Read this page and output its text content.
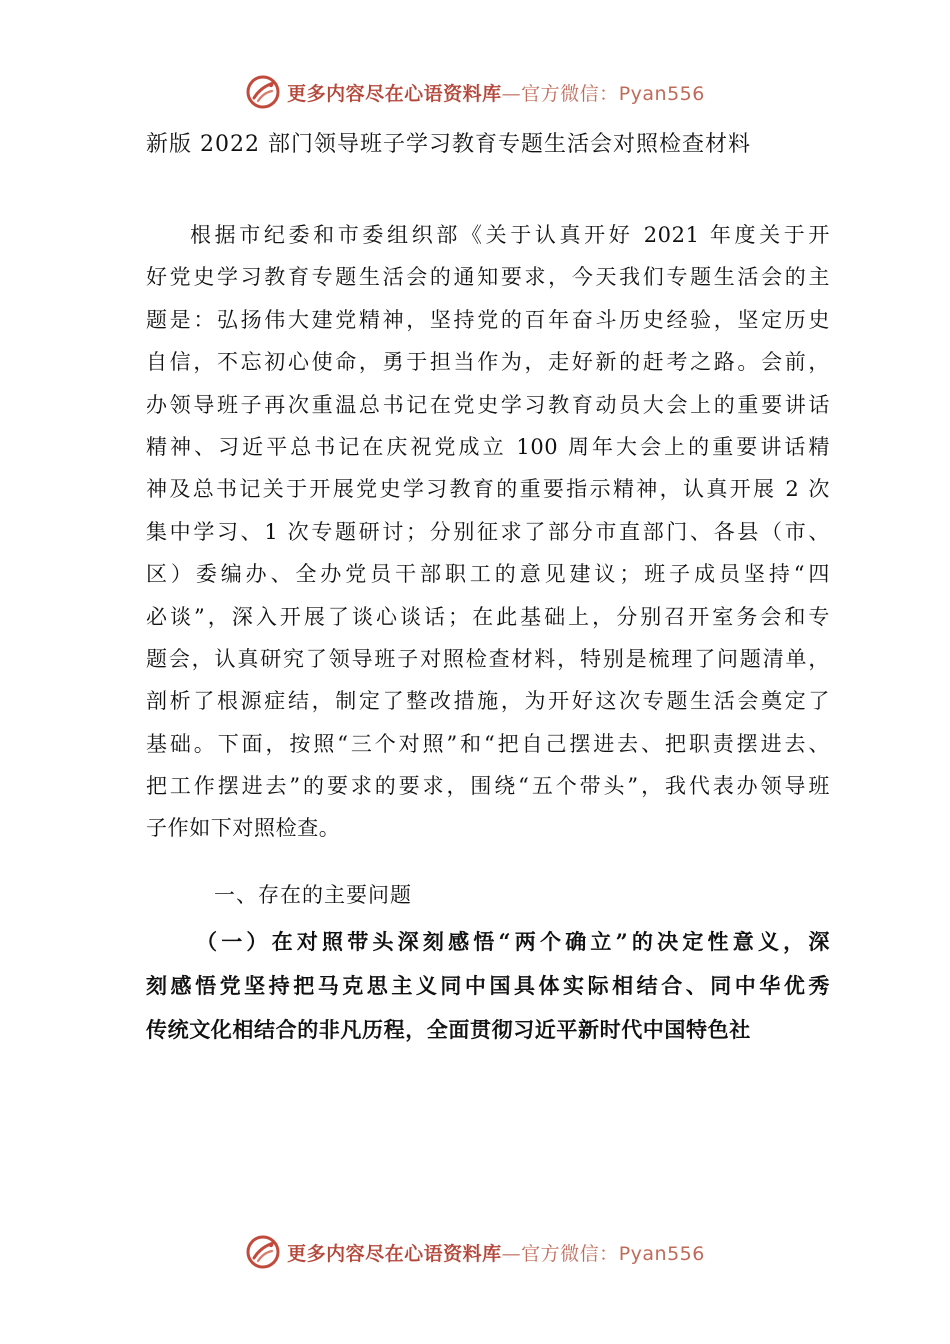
更多内容尽在心语资料库—官方微信：Pyan556
新版 2022 部门领导班子学习教育专题生活会对照检查材料
根据市纪委和市委组织部《关于认真开好 2021 年度关于开
好党史学习教育专题生活会的通知要求，今天我们专题生活会的主
题是：弘扬伟大建党精神，坚持党的百年奋斗历史经验，坚定历史
自信，不忘初心使命，勇于担当作为，走好新的赶考之路。会前，
办领导班子再次重温总书记在党史学习教育动员大会上的重要讲话
精神、习近平总书记在庆祝党成立 100 周年大会上的重要讲话精
神及总书记关于开展党史学习教育的重要指示精神，认真开展 2 次
集中学习、1 次专题研讨；分别征求了部分市直部门、各县（市、
区）委编办、全办党员干部职工的意见建议；班子成员坚持“四
必谈”，深入开展了谈心谈话；在此基础上，分别召开室务会和专
题会，认真研究了领导班子对照检查材料，特别是梳理了问题清单，
剖析了根源症结，制定了整改措施，为开好这次专题生活会奠定了
基础。下面，按照“三个对照”和“把自己摆进去、把职责摆进去、
把工作摆进去”的要求的要求，围绕“五个带头”，我代表办领导班
子作如下对照检查。
一、存在的主要问题
（一）在对照带头深刻感悟“两个确立”的决定性意义，深
刻感悟党坚持把马克思主义同中国具体实际相结合、同中华优秀
传统文化相结合的非凡历程，全面贯彻习近平新时代中国特色社
更多内容尽在心语资料库—官方微信：Pyan556
